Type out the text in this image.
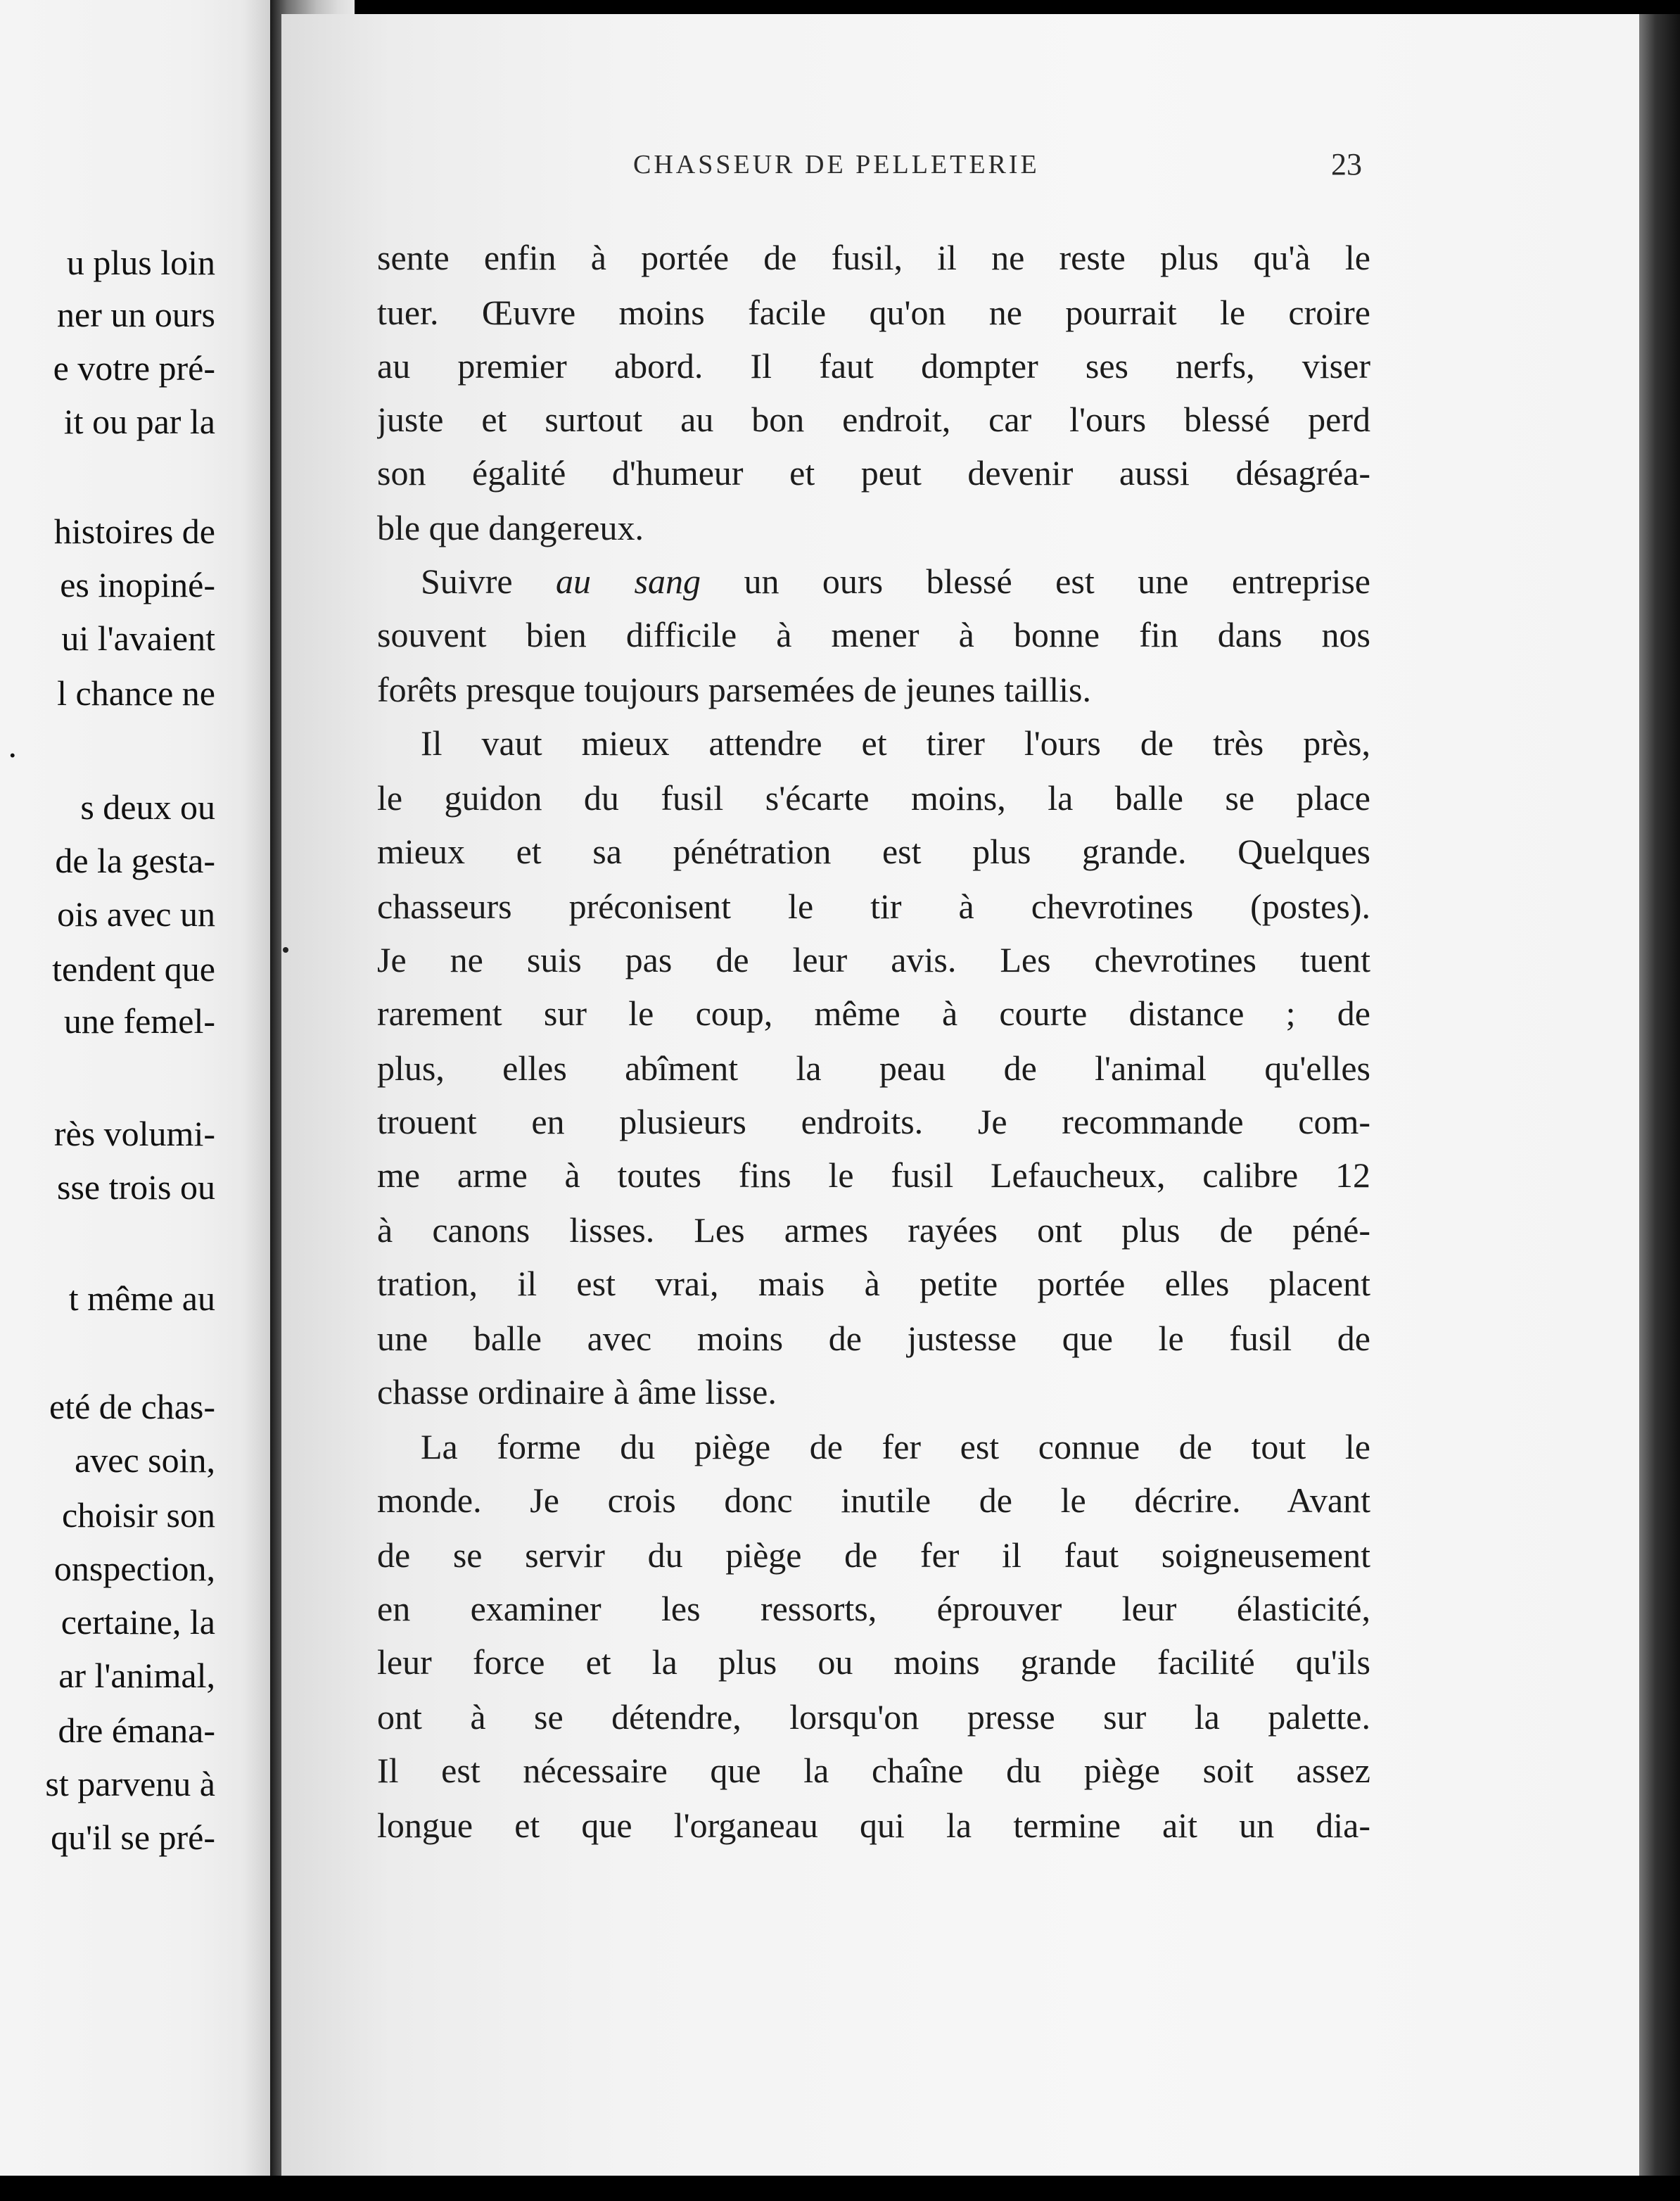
u plus loin
ner un ours
e votre pré-
it ou par la
histoires de
es inopiné-
ui l'avaient
l chance ne
.
s deux ou
de la gesta-
ois avec un
tendent que
une femel-
rès volumi-
sse trois ou
t même au
eté de chas-
avec soin,
choisir son
onspection,
certaine, la
ar l'animal,
dre émana-
st parvenu à
qu'il se pré-
CHASSEUR DE PELLETERIE	23
sente enfin à portée de fusil, il ne reste plus qu'à le
tuer. Œuvre moins facile qu'on ne pourrait le croire
au premier abord. Il faut dompter ses nerfs, viser
juste et surtout au bon endroit, car l'ours blessé perd
son égalité d'humeur et peut devenir aussi désagréa-
ble que dangereux.
Suivre au sang un ours blessé est une entreprise
souvent bien difficile à mener à bonne fin dans nos
forêts presque toujours parsemées de jeunes taillis.
Il vaut mieux attendre et tirer l'ours de très près,
le guidon du fusil s'écarte moins, la balle se place
mieux et sa pénétration est plus grande. Quelques
chasseurs préconisent le tir à chevrotines (postes).
Je ne suis pas de leur avis. Les chevrotines tuent
rarement sur le coup, même à courte distance ; de
plus, elles abîment la peau de l'animal qu'elles
trouent en plusieurs endroits. Je recommande com-
me arme à toutes fins le fusil Lefaucheux, calibre 12
à canons lisses. Les armes rayées ont plus de péné-
tration, il est vrai, mais à petite portée elles placent
une balle avec moins de justesse que le fusil de
chasse ordinaire à âme lisse.
La forme du piège de fer est connue de tout le
monde. Je crois donc inutile de le décrire. Avant
de se servir du piège de fer il faut soigneusement
en examiner les ressorts, éprouver leur élasticité,
leur force et la plus ou moins grande facilité qu'ils
ont à se détendre, lorsqu'on presse sur la palette.
Il est nécessaire que la chaîne du piège soit assez
longue et que l'organeau qui la termine ait un dia-
